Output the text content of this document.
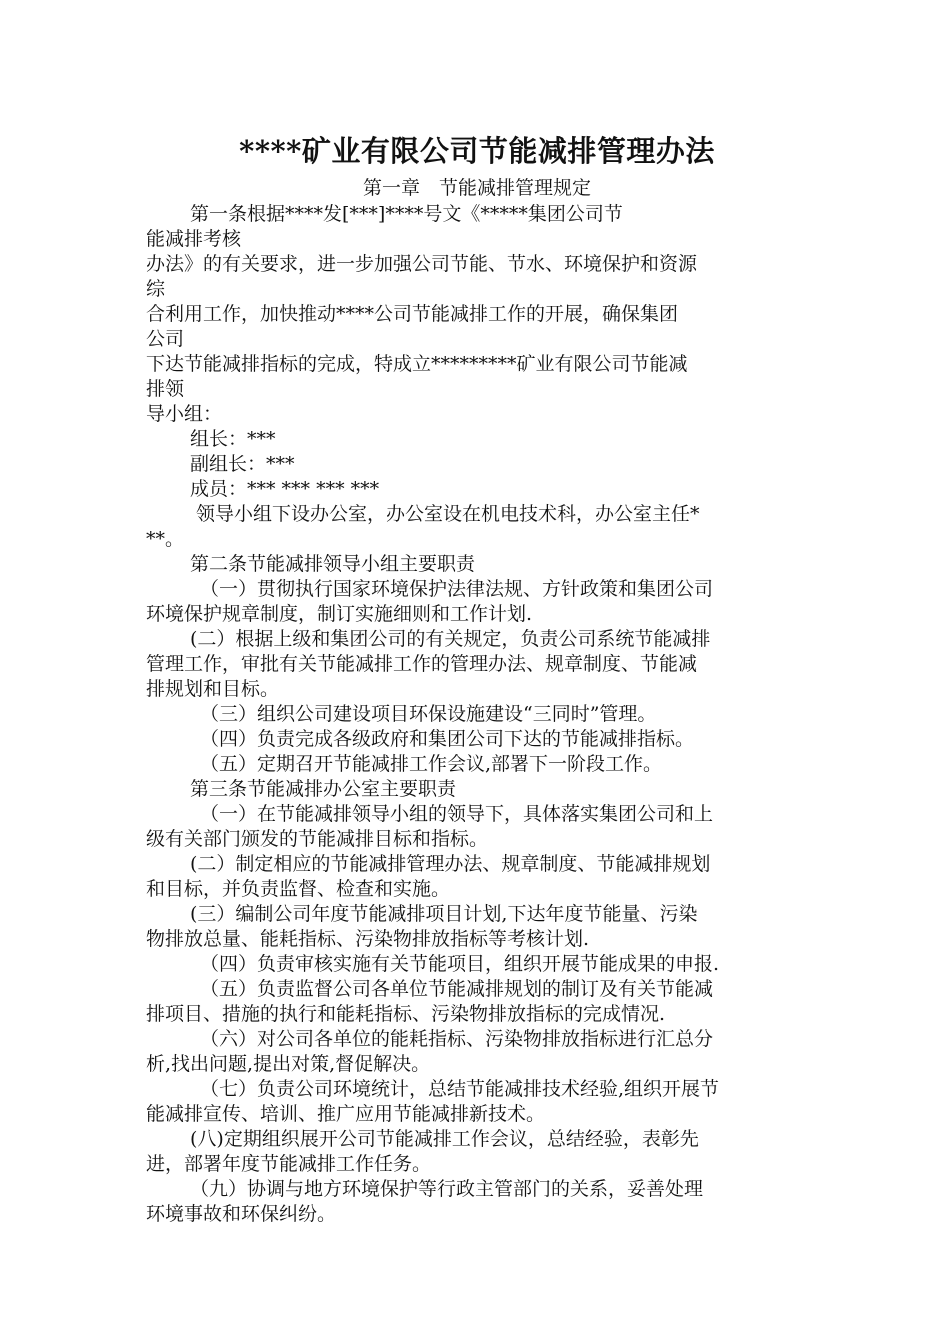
****矿业有限公司节能减排管理办法
第一章　节能减排管理规定
第一条根据****发[***]****号文《*****集团公司节
能减排考核
办法》的有关要求，进一步加强公司节能、节水、环境保护和资源
综
合利用工作，加快推动****公司节能减排工作的开展，确保集团
公司
下达节能减排指标的完成，特成立*********矿业有限公司节能减
排领
导小组：
组长：***
副组长：***
成员：*** *** *** ***
领导小组下设办公室，办公室设在机电技术科，办公室主任*
**。
第二条节能减排领导小组主要职责
（一）贯彻执行国家环境保护法律法规、方针政策和集团公司
环境保护规章制度，制订实施细则和工作计划.
(二）根据上级和集团公司的有关规定，负责公司系统节能减排
管理工作，审批有关节能减排工作的管理办法、规章制度、节能减
排规划和目标。
（三）组织公司建设项目环保设施建设“三同时”管理。
（四）负责完成各级政府和集团公司下达的节能减排指标。
（五）定期召开节能减排工作会议,部署下一阶段工作。
第三条节能减排办公室主要职责
（一）在节能减排领导小组的领导下，具体落实集团公司和上
级有关部门颁发的节能减排目标和指标。
(二）制定相应的节能减排管理办法、规章制度、节能减排规划
和目标，并负责监督、检查和实施。
(三）编制公司年度节能减排项目计划,下达年度节能量、污染
物排放总量、能耗指标、污染物排放指标等考核计划.
（四）负责审核实施有关节能项目，组织开展节能成果的申报.
（五）负责监督公司各单位节能减排规划的制订及有关节能减
排项目、措施的执行和能耗指标、污染物排放指标的完成情况.
（六）对公司各单位的能耗指标、污染物排放指标进行汇总分
析,找出问题,提出对策,督促解决。
（七）负责公司环境统计，总结节能减排技术经验,组织开展节
能减排宣传、培训、推广应用节能减排新技术。
(八)定期组织展开公司节能减排工作会议，总结经验，表彰先
进，部署年度节能减排工作任务。
（九）协调与地方环境保护等行政主管部门的关系，妥善处理
环境事故和环保纠纷。
